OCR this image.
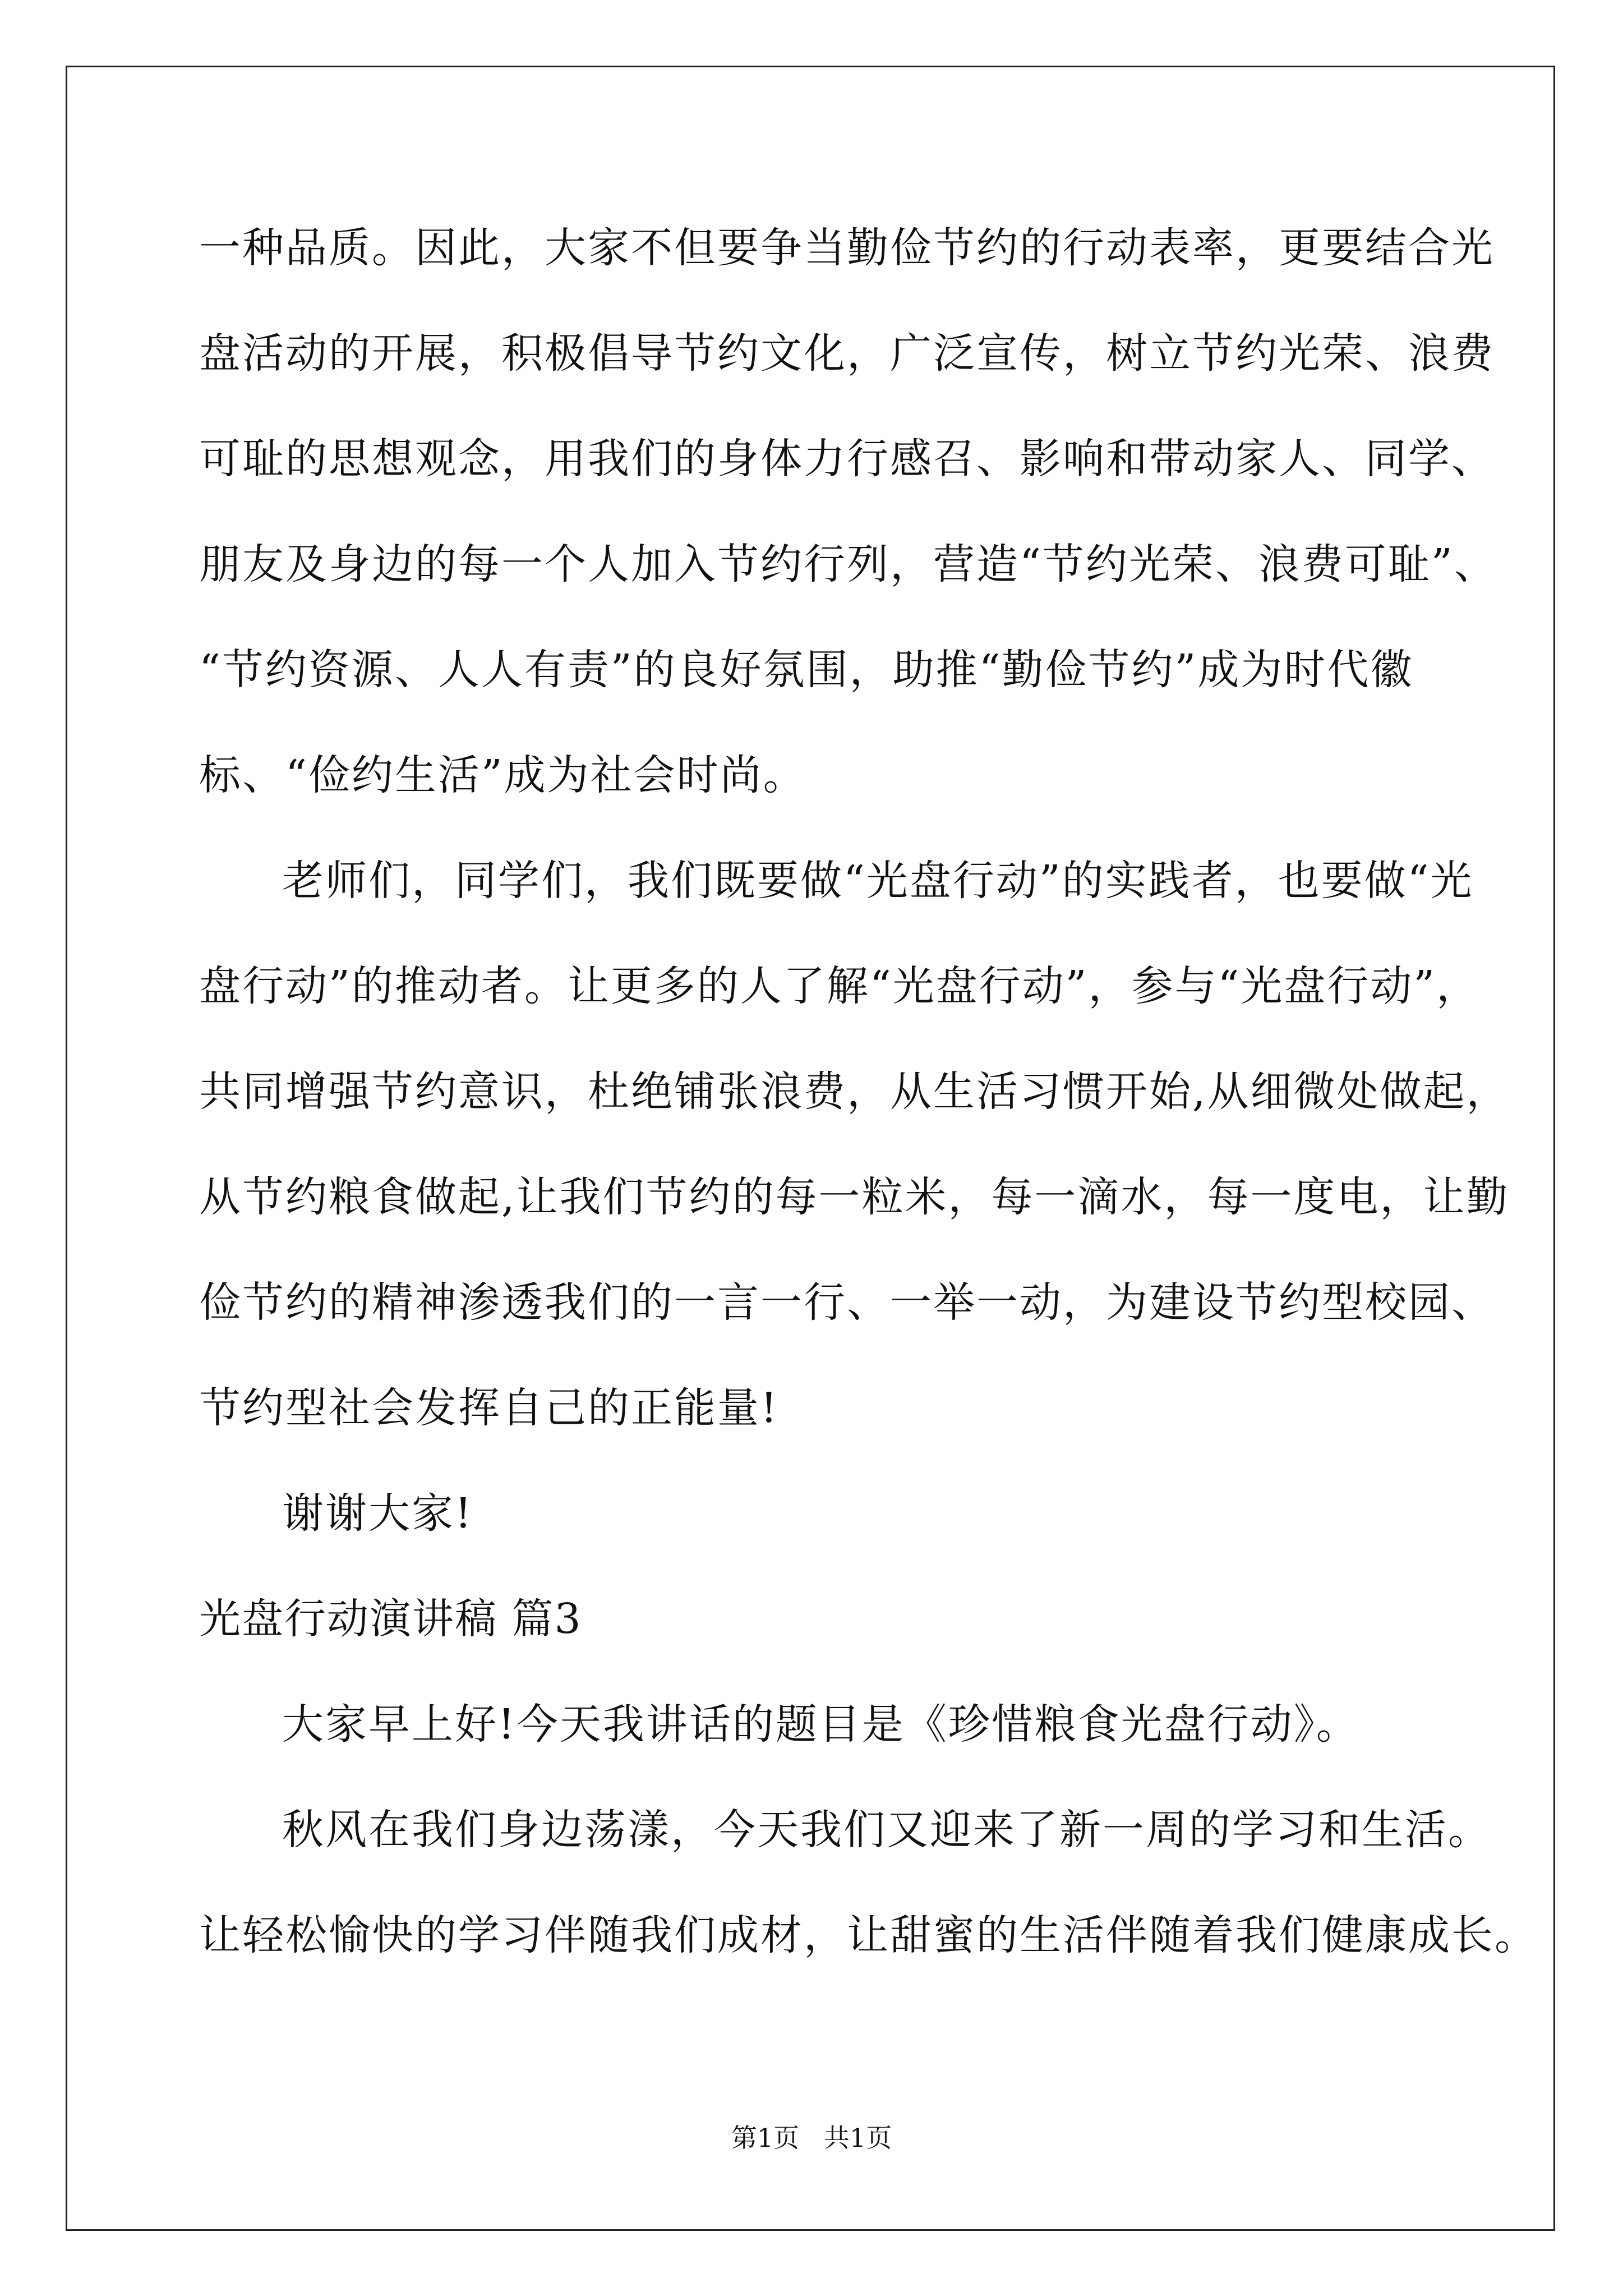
一种品质。因此，大家不但要争当勤俭节约的行动表率，更要结合光
盘活动的开展，积极倡导节约文化，广泛宣传，树立节约光荣、浪费
可耻的思想观念，用我们的身体力行感召、影响和带动家人、同学、
朋友及身边的每一个人加入节约行列，营造“节约光荣、浪费可耻”、
“节约资源、人人有责”的良好氛围，助推“勤俭节约”成为时代徽
标、“俭约生活”成为社会时尚。
老师们，同学们，我们既要做“光盘行动”的实践者，也要做“光
盘行动”的推动者。让更多的人了解“光盘行动”，参与“光盘行动”，
共同增强节约意识，杜绝铺张浪费，从生活习惯开始,从细微处做起，
从节约粮食做起,让我们节约的每一粒米，每一滴水，每一度电，让勤
俭节约的精神渗透我们的一言一行、一举一动，为建设节约型校园、
节约型社会发挥自己的正能量!
谢谢大家!
光盘行动演讲稿 篇3
大家早上好!今天我讲话的题目是《珍惜粮食光盘行动》。
秋风在我们身边荡漾，今天我们又迎来了新一周的学习和生活。
让轻松愉快的学习伴随我们成材，让甜蜜的生活伴随着我们健康成长。
第1页   共1页
